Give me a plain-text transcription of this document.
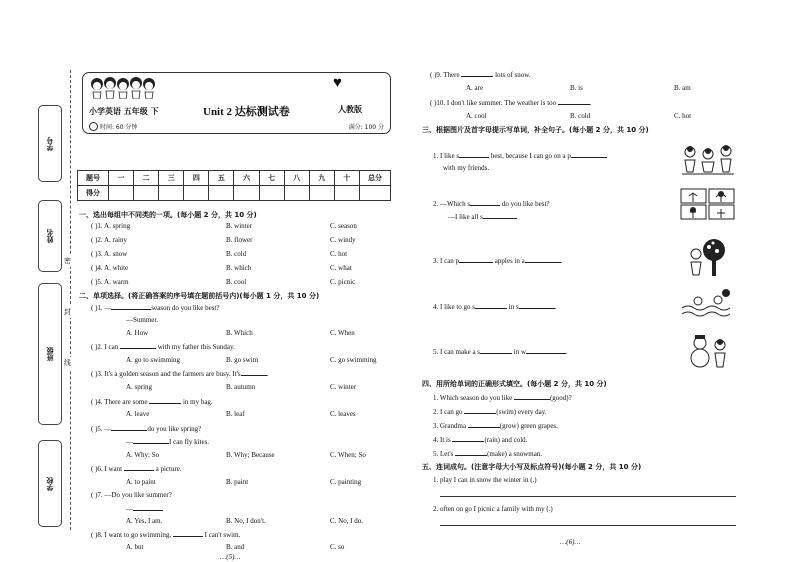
学号
姓名
班级
学校
密
封
线
♥
小学英语 五年级 下	Unit 2 达标测试卷	人教版
时间: 60 分钟	满分: 100 分
题号	一	二	三	四	五	六	七	八	九	十	总分
得分											
一、选出每组中不同类的一项。(每小题 2 分，共 10 分)
( )1. A. spring	B. winter	C. season
( )2. A. rainy	B. flower	C. windy
( )3. A. snow	B. cold	C. hot
( )4. A. white	B. which	C. what
( )5. A. warm	B. cool	C. picnic
二、单项选择。(将正确答案的序号填在题前括号内)(每小题 1 分，共 10 分)
( )1. —	season do you like best?
—Summer.
A. How	B. Which	C. When
( )2. I can	with my father this Sunday.
A. go to swimming	B. go swim	C. go swimming
( )3. It's a golden season and the farmers are busy. It's	.
A. spring	B. autumn	C. winter
( )4. There are some	in my bag.
A. leave	B. leaf	C. leaves
( )5. —	do you like spring?
—	I can fly kites.
A. Why; So	B. Why; Because	C. When; So
( )6. I want	a picture.
A. to paint	B. paint	C. painting
( )7. —Do you like summer?
—
A. Yes, I am.	B. No, I don't.	C. No, I do.
( )8. I want to go swimming,	I can't swim.
A. but	B. and	C. so
…(5)…
( )9. There	lots of snow.
A. are	B. is	B. am
( )10. I don't like summer. The weather is too	.
A. cool	B. cold	C. hot
三、根据图片及首字母提示写单词，补全句子。(每小题 2 分，共 10 分)
1. I like s	best, because I can go on a p
with my friends.
2. —Which s	do you like best?
—I like all s
3. I can p	apples in a	.
4. I like to go s	in s	.
5. I can make a s	in w	.
四、用所给单词的正确形式填空。(每小题 2 分，共 10 分)
1. Which season do you like	(good)?
2. I can go	(swim) every day.
3. Grandma	(grow) green grapes.
4. It is	(rain) and cold.
5. Let's	(make) a snowman.
五、连词成句。(注意字母大小写及标点符号)(每小题 2 分，共 10 分)
1. play I can in snow the winter in (.)
2. often on go I picnic a family with my (.)
…(6)…
